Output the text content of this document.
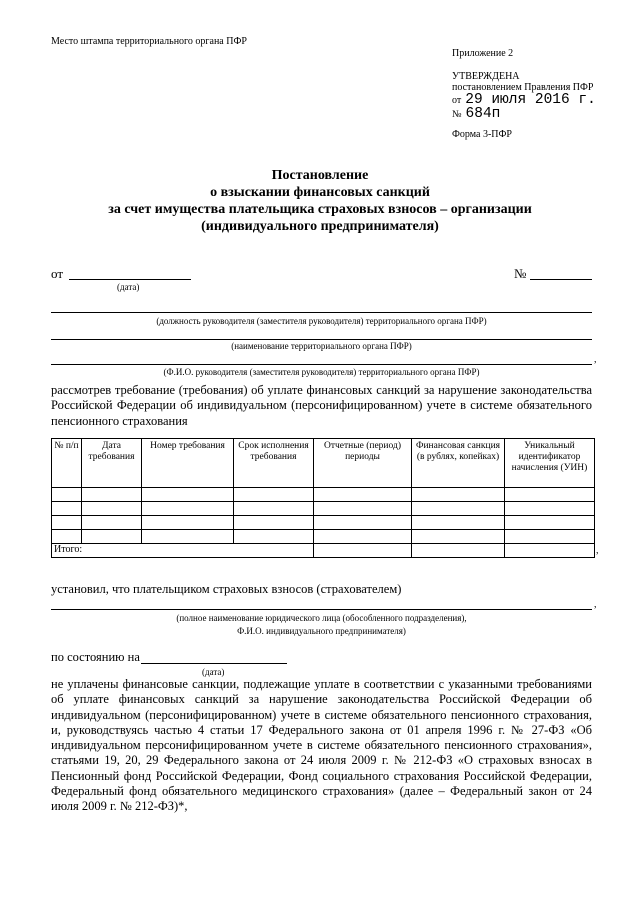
Место штампа территориального органа ПФР
Приложение 2
УТВЕРЖДЕНА
постановлением Правления ПФР
от 29 июля 2016 г.
№ 684п
Форма 3-ПФР
Постановление
о взыскании финансовых санкций
за счет имущества плательщика страховых взносов – организации
(индивидуального предпринимателя)
от
(дата)
№
(должность руководителя (заместителя руководителя) территориального органа ПФР)
(наименование территориального органа ПФР)
,
(Ф.И.О. руководителя (заместителя руководителя) территориального органа ПФР)
рассмотрев требование (требования) об уплате финансовых санкций за нарушение законодательства Российской Федерации об индивидуальном (персонифицированном) учете в системе обязательного пенсионного страхования
№ п/п	Дата требования	Номер требования	Срок исполнения требования	Отчетные (период) периоды	Финансовая санкция (в рублях, копейках)	Уникальный идентификатор начисления (УИН)

Итого:							,
установил, что плательщиком страховых взносов (страхователем)
,
(полное наименование юридического лица (обособленного подразделения),
Ф.И.О. индивидуального предпринимателя)
по состоянию на
(дата)
не уплачены финансовые санкции, подлежащие уплате в соответствии с указанными требованиями об уплате финансовых санкций за нарушение законодательства Российской Федерации об индивидуальном (персонифицированном) учете в системе обязательного пенсионного страхования, и, руководствуясь частью 4 статьи 17 Федерального закона от 01 апреля 1996 г. № 27-ФЗ «Об индивидуальном персонифицированном учете в системе обязательного пенсионного страхования», статьями 19, 20, 29 Федерального закона от 24 июля 2009 г. № 212-ФЗ «О страховых взносах в Пенсионный фонд Российской Федерации, Фонд социального страхования Российской Федерации, Федеральный фонд обязательного медицинского страхования» (далее – Федеральный закон от 24 июля 2009 г. № 212-ФЗ)*,
